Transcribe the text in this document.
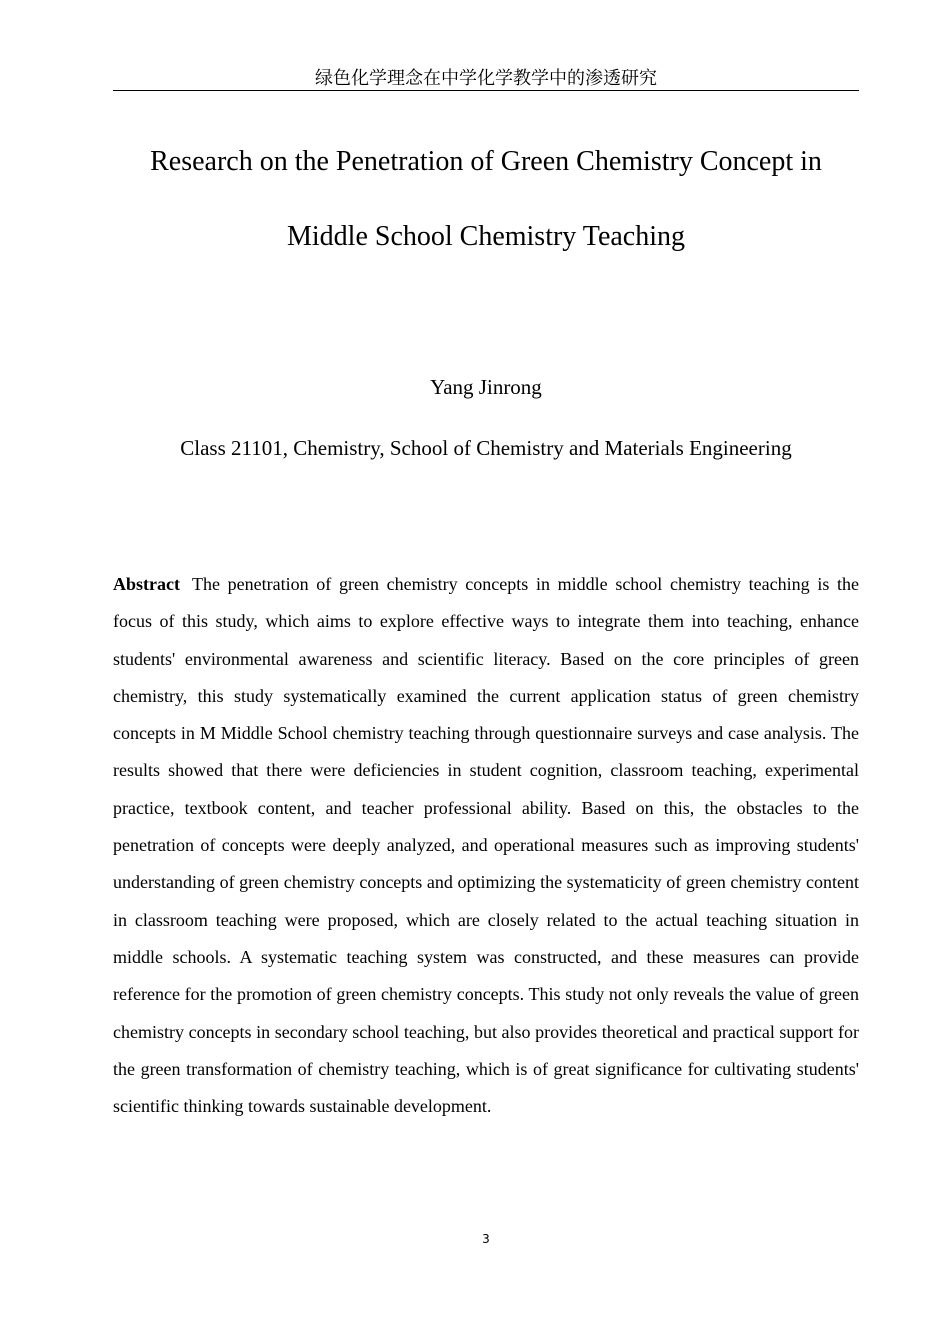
绿色化学理念在中学化学教学中的渗透研究
Research on the Penetration of Green Chemistry Concept in
Middle School Chemistry Teaching
Yang Jinrong
Class 21101, Chemistry, School of Chemistry and Materials Engineering

Abstract The penetration of green chemistry concepts in middle school chemistry teaching is the focus of this study, which aims to explore effective ways to integrate them into teaching, enhance students' environmental awareness and scientific literacy. Based on the core principles of green chemistry, this study systematically examined the current application status of green chemistry concepts in M Middle School chemistry teaching through questionnaire surveys and case analysis. The results showed that there were deficiencies in student cognition, classroom teaching, experimental practice, textbook content, and teacher professional ability. Based on this, the obstacles to the penetration of concepts were deeply analyzed, and operational measures such as improving students' understanding of green chemistry concepts and optimizing the systematicity of green chemistry content in classroom teaching were proposed, which are closely related to the actual teaching situation in middle schools. A systematic teaching system was constructed, and these measures can provide reference for the promotion of green chemistry concepts. This study not only reveals the value of green chemistry concepts in secondary school teaching, but also provides theoretical and practical support for the green transformation of chemistry teaching, which is of great significance for cultivating students' scientific thinking towards sustainable development.

3
